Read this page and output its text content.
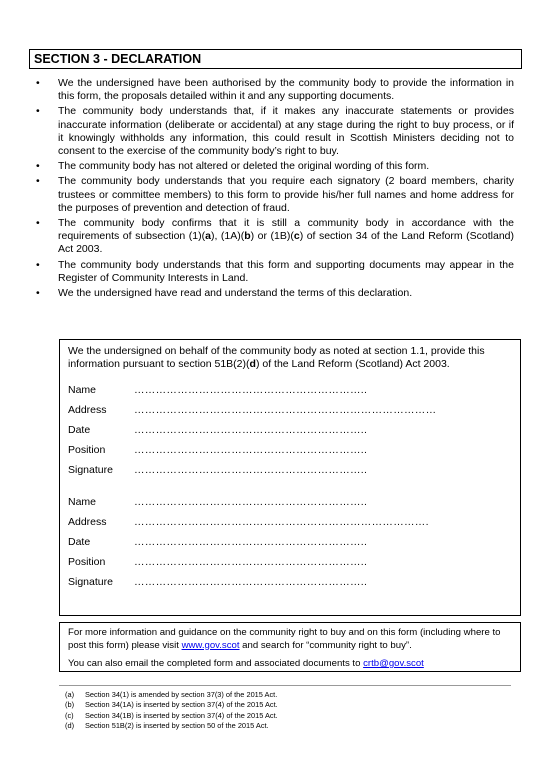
SECTION 3 - DECLARATION
• We the undersigned have been authorised by the community body to provide the information in this form, the proposals detailed within it and any supporting documents.
• The community body understands that, if it makes any inaccurate statements or provides inaccurate information (deliberate or accidental) at any stage during the right to buy process, or if it knowingly withholds any information, this could result in Scottish Ministers deciding not to consent to the exercise of the community body’s right to buy.
• The community body has not altered or deleted the original wording of this form.
• The community body understands that you require each signatory (2 board members, charity trustees or committee members) to this form to provide his/her full names and home address for the purposes of prevention and detection of fraud.
• The community body confirms that it is still a community body in accordance with the requirements of subsection (1)(a), (1A)(b) or (1B)(c) of section 34 of the Land Reform (Scotland) Act 2003.
• The community body understands that this form and supporting documents may appear in the Register of Community Interests in Land.
• We the undersigned have read and understand the terms of this declaration.

We the undersigned on behalf of the community body as noted at section 1.1, provide this information pursuant to section 51B(2)(d) of the Land Reform (Scotland) Act 2003.

Name	………………………………………………………..
Address	…………………………………………………………………………
Date	………………………………………………………..
Position	………………………………………………………..
Signature ………………………………………………………..
Name	………………………………………………………..
Address	……………………………………………………………………….
Date	………………………………………………………..
Position	………………………………………………………..
Signature ………………………………………………………..

For more information and guidance on the community right to buy and on this form (including where to post this form) please visit www.gov.scot and search for “community right to buy”.

You can also email the completed form and associated documents to crtb@gov.scot

(a) Section 34(1) is amended by section 37(3) of the 2015 Act.
(b) Section 34(1A) is inserted by section 37(4) of the 2015 Act.
(c) Section 34(1B) is inserted by section 37(4) of the 2015 Act.
(d) Section 51B(2) is inserted by section 50 of the 2015 Act.
